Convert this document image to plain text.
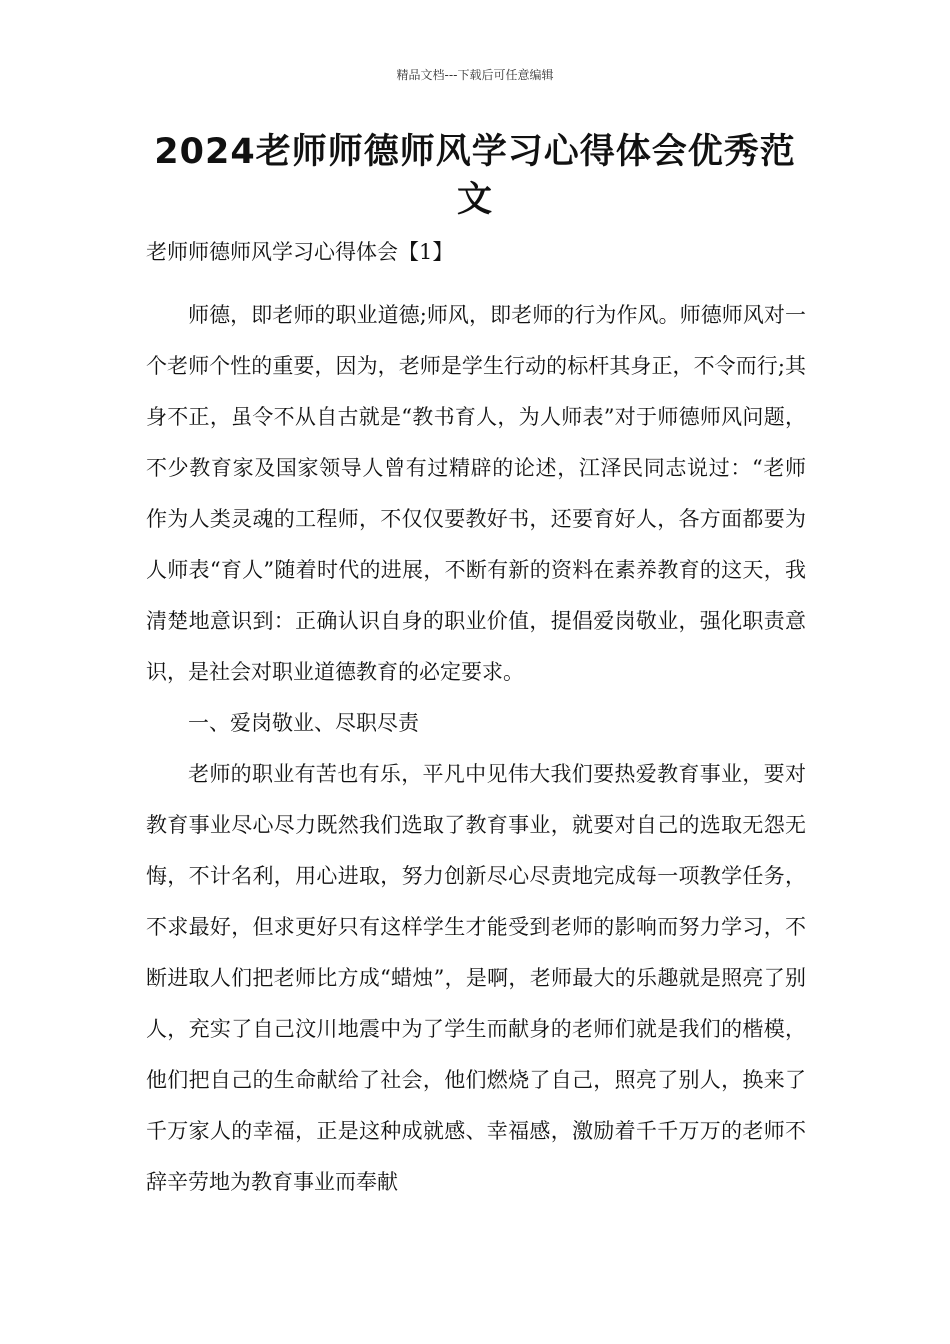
精品文档---下载后可任意编辑
2024老师师德师风学习心得体会优秀范文
老师师德师风学习心得体会【1】

师德，即老师的职业道德;师风，即老师的行为作风。师德师风对一个老师个性的重要，因为，老师是学生行动的标杆其身正，不令而行;其身不正，虽令不从自古就是“教书育人，为人师表”对于师德师风问题，不少教育家及国家领导人曾有过精辟的论述，江泽民同志说过：“老师作为人类灵魂的工程师，不仅仅要教好书，还要育好人，各方面都要为人师表“育人”随着时代的进展，不断有新的资料在素养教育的这天，我清楚地意识到：正确认识自身的职业价值，提倡爱岗敬业，强化职责意识，是社会对职业道德教育的必定要求。

一、爱岗敬业、尽职尽责

老师的职业有苦也有乐，平凡中见伟大我们要热爱教育事业，要对教育事业尽心尽力既然我们选取了教育事业，就要对自己的选取无怨无悔，不计名利，用心进取，努力创新尽心尽责地完成每一项教学任务，不求最好，但求更好只有这样学生才能受到老师的影响而努力学习，不断进取人们把老师比方成“蜡烛”，是啊，老师最大的乐趣就是照亮了别人，充实了自己汶川地震中为了学生而献身的老师们就是我们的楷模，他们把自己的生命献给了社会，他们燃烧了自己，照亮了别人，换来了千万家人的幸福，正是这种成就感、幸福感，激励着千千万万的老师不辞辛劳地为教育事业而奉献
